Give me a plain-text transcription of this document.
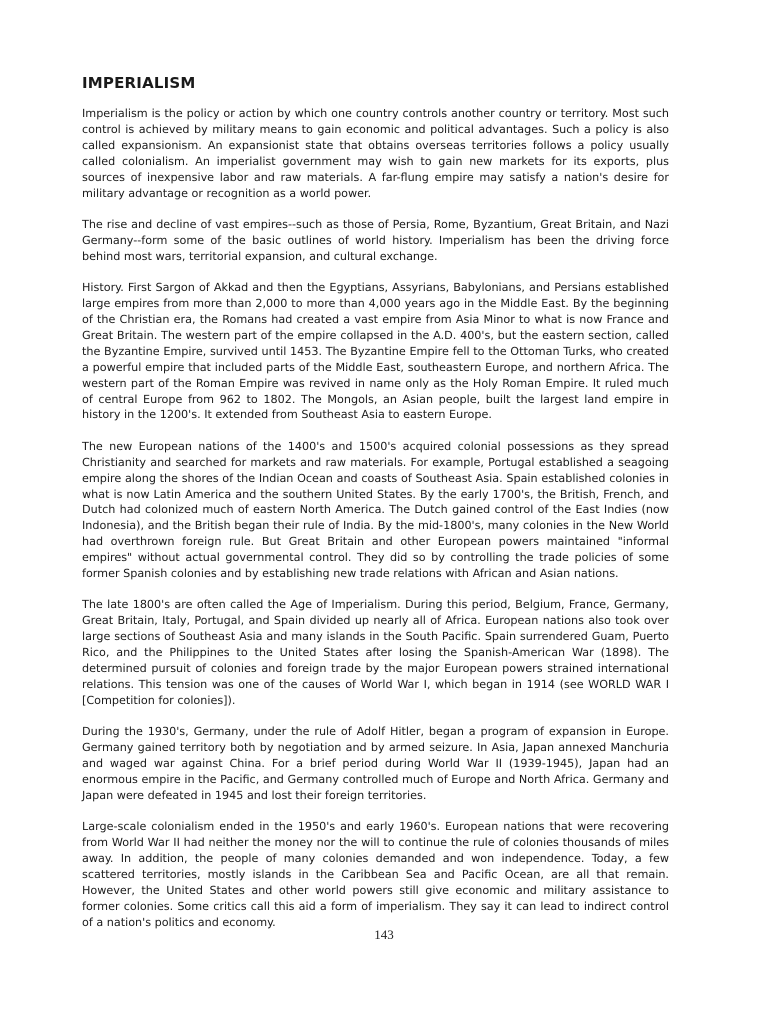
IMPERIALISM

Imperialism is the policy or action by which one country controls another country or territory. Most such control is achieved by military means to gain economic and political advantages. Such a policy is also called expansionism. An expansionist state that obtains overseas territories follows a policy usually called colonialism. An imperialist government may wish to gain new markets for its exports, plus sources of inexpensive labor and raw materials. A far-flung empire may satisfy a nation's desire for military advantage or recognition as a world power.

The rise and decline of vast empires--such as those of Persia, Rome, Byzantium, Great Britain, and Nazi Germany--form some of the basic outlines of world history. Imperialism has been the driving force behind most wars, territorial expansion, and cultural exchange.

History. First Sargon of Akkad and then the Egyptians, Assyrians, Babylonians, and Persians established large empires from more than 2,000 to more than 4,000 years ago in the Middle East. By the beginning of the Christian era, the Romans had created a vast empire from Asia Minor to what is now France and Great Britain. The western part of the empire collapsed in the A.D. 400's, but the eastern section, called the Byzantine Empire, survived until 1453. The Byzantine Empire fell to the Ottoman Turks, who created a powerful empire that included parts of the Middle East, southeastern Europe, and northern Africa. The western part of the Roman Empire was revived in name only as the Holy Roman Empire. It ruled much of central Europe from 962 to 1802. The Mongols, an Asian people, built the largest land empire in history in the 1200's. It extended from Southeast Asia to eastern Europe.

The new European nations of the 1400's and 1500's acquired colonial possessions as they spread Christianity and searched for markets and raw materials. For example, Portugal established a seagoing empire along the shores of the Indian Ocean and coasts of Southeast Asia. Spain established colonies in what is now Latin America and the southern United States. By the early 1700's, the British, French, and Dutch had colonized much of eastern North America. The Dutch gained control of the East Indies (now Indonesia), and the British began their rule of India. By the mid-1800's, many colonies in the New World had overthrown foreign rule. But Great Britain and other European powers maintained "informal empires" without actual governmental control. They did so by controlling the trade policies of some former Spanish colonies and by establishing new trade relations with African and Asian nations.

The late 1800's are often called the Age of Imperialism. During this period, Belgium, France, Germany, Great Britain, Italy, Portugal, and Spain divided up nearly all of Africa. European nations also took over large sections of Southeast Asia and many islands in the South Pacific. Spain surrendered Guam, Puerto Rico, and the Philippines to the United States after losing the Spanish-American War (1898). The determined pursuit of colonies and foreign trade by the major European powers strained international relations. This tension was one of the causes of World War I, which began in 1914 (see WORLD WAR I [Competition for colonies]).

During the 1930's, Germany, under the rule of Adolf Hitler, began a program of expansion in Europe. Germany gained territory both by negotiation and by armed seizure. In Asia, Japan annexed Manchuria and waged war against China. For a brief period during World War II (1939-1945), Japan had an enormous empire in the Pacific, and Germany controlled much of Europe and North Africa. Germany and Japan were defeated in 1945 and lost their foreign territories.

Large-scale colonialism ended in the 1950's and early 1960's. European nations that were recovering from World War II had neither the money nor the will to continue the rule of colonies thousands of miles away. In addition, the people of many colonies demanded and won independence. Today, a few scattered territories, mostly islands in the Caribbean Sea and Pacific Ocean, are all that remain. However, the United States and other world powers still give economic and military assistance to former colonies. Some critics call this aid a form of imperialism. They say it can lead to indirect control of a nation's politics and economy.

143
